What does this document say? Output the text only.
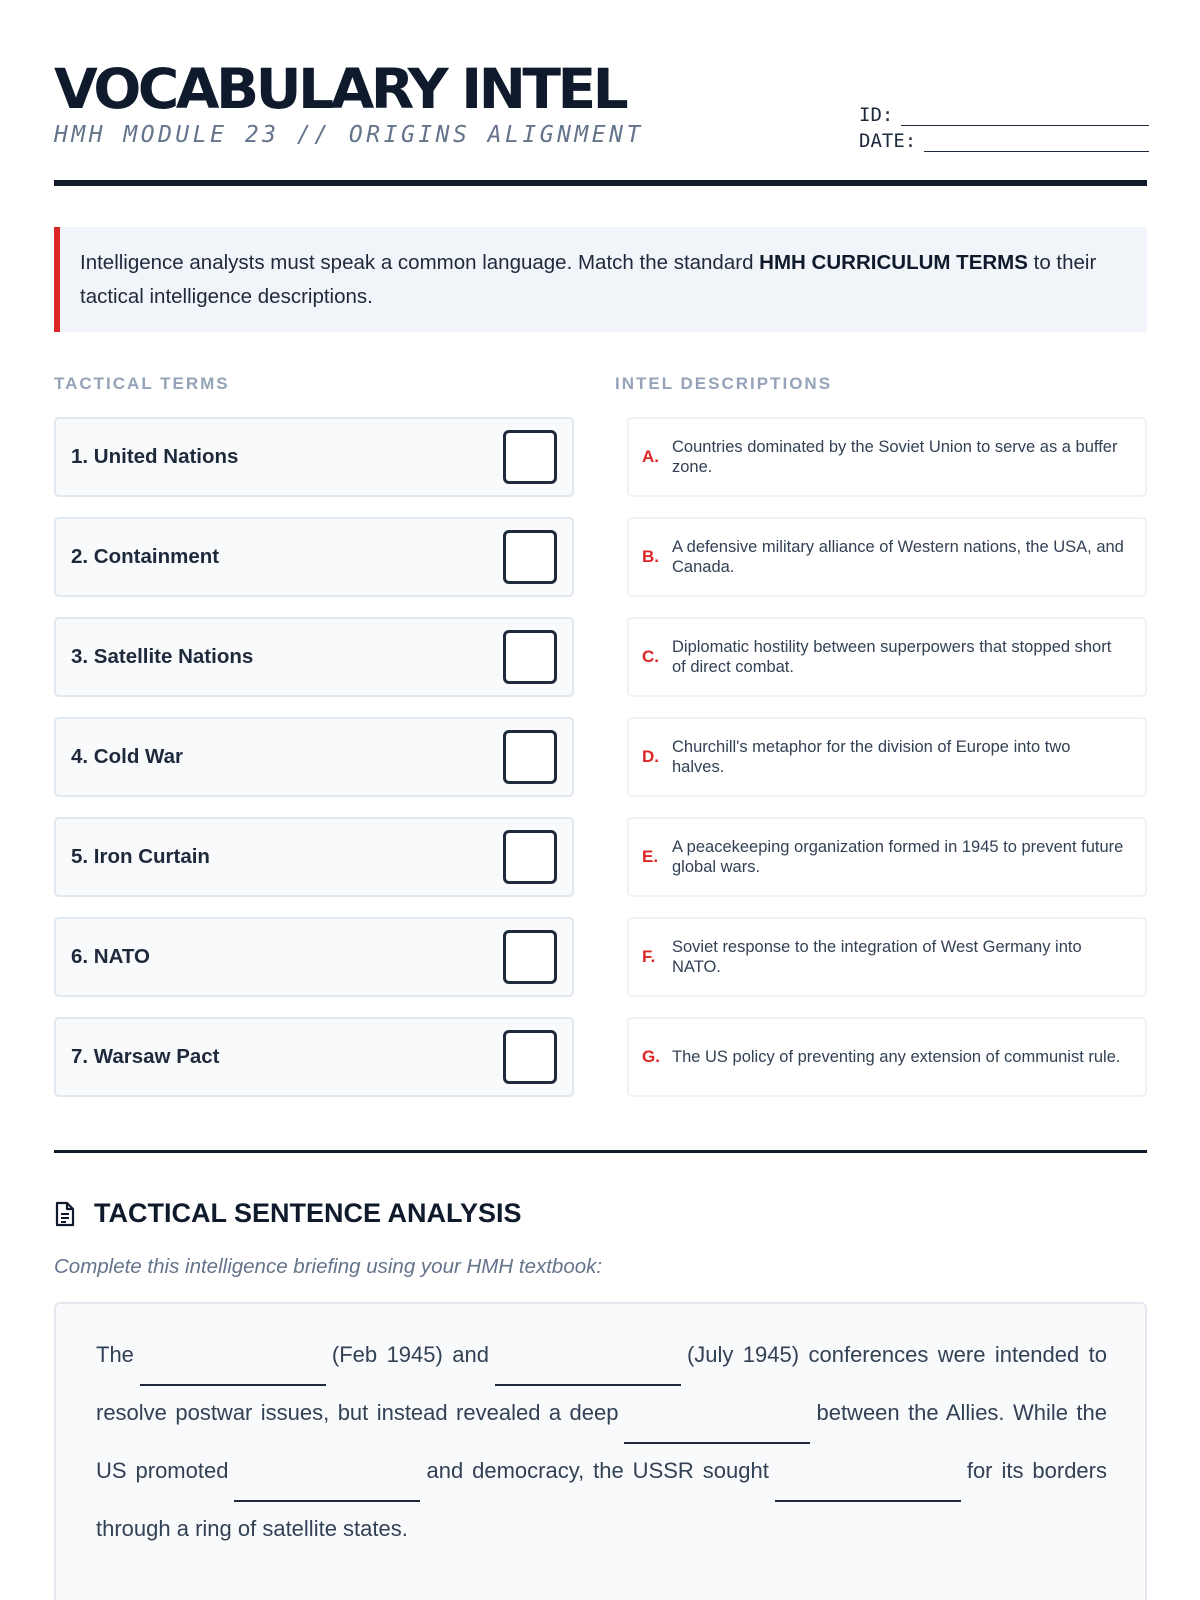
VOCABULARY INTEL
HMH MODULE 23 // ORIGINS ALIGNMENT
ID:
DATE:
Intelligence analysts must speak a common language. Match the standard HMH CURRICULUM TERMS to their tactical intelligence descriptions.
TACTICAL TERMS	INTEL DESCRIPTIONS
1. United Nations
2. Containment
3. Satellite Nations
4. Cold War
5. Iron Curtain
6. NATO
7. Warsaw Pact
A. Countries dominated by the Soviet Union to serve as a buffer zone.
B. A defensive military alliance of Western nations, the USA, and Canada.
C. Diplomatic hostility between superpowers that stopped short of direct combat.
D. Churchill's metaphor for the division of Europe into two halves.
E. A peacekeeping organization formed in 1945 to prevent future global wars.
F.	Soviet response to the integration of West Germany into NATO.
G. The US policy of preventing any extension of communist rule.
TACTICAL SENTENCE ANALYSIS
Complete this intelligence briefing using your HMH textbook:
The	(Feb 1945) and	(July 1945) conferences were intended to resolve postwar issues, but instead revealed a deep	between the Allies. While the US promoted	and democracy, the USSR sought	for its borders through a ring of satellite states.
